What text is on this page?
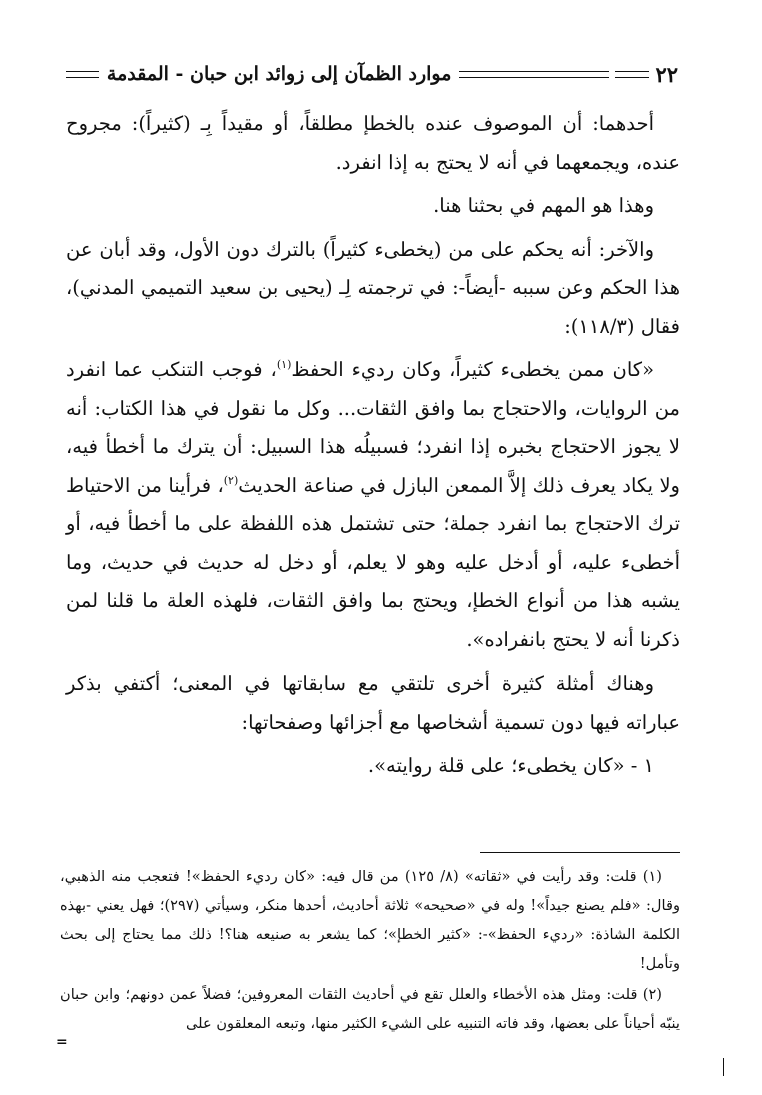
٢٢
موارد الظمآن إلى زوائد ابن حبان - المقدمة

أحدهما: أن الموصوف عنده بالخطإ مطلقاً، أو مقيداً بِـ (كثيراً): مجروح عنده، ويجمعهما في أنه لا يحتج به إذا انفرد.

وهذا هو المهم في بحثنا هنا.

والآخر: أنه يحكم على من (يخطىء كثيراً) بالترك دون الأول، وقد أبان عن هذا الحكم وعن سببه -أيضاً-: في ترجمته لِـ (يحيى بن سعيد التميمي المدني)، فقال (١١٨/٣):

«كان ممن يخطىء كثيراً، وكان رديء الحفظ$^{(١)}$، فوجب التنكب عما انفرد من الروايات، والاحتجاج بما وافق الثقات... وكل ما نقول في هذا الكتاب: أنه لا يجوز الاحتجاج بخبره إذا انفرد؛ فسبيلُه هذا السبيل: أن يترك ما أخطأ فيه، ولا يكاد يعرف ذلك إلاَّ الممعن البازل في صناعة الحديث$^{(٢)}$، فرأينا من الاحتياط ترك الاحتجاج بما انفرد جملة؛ حتى تشتمل هذه اللفظة على ما أخطأ فيه، أو أخطىء عليه، أو أدخل عليه وهو لا يعلم، أو دخل له حديث في حديث، وما يشبه هذا من أنواع الخطإ، ويحتج بما وافق الثقات، فلهذه العلة ما قلنا لمن ذكرنا أنه لا يحتج بانفراده».

وهناك أمثلة كثيرة أخرى تلتقي مع سابقاتها في المعنى؛ أكتفي بذكر عباراته فيها دون تسمية أشخاصها مع أجزائها وصفحاتها:

١ - «كان يخطىء؛ على قلة روايته».

(١) قلت: وقد رأيت في «ثقاته» (٨/ ١٢٥) من قال فيه: «كان رديء الحفظ»! فتعجب منه الذهبي، وقال: «فلم يصنع جيداً»! وله في «صحيحه» ثلاثة أحاديث، أحدها منكر، وسيأتي (٢٩٧)؛ فهل يعني -بهذه الكلمة الشاذة: «رديء الحفظ»-: «كثير الخطإ»؛ كما يشعر به صنيعه هنا؟! ذلك مما يحتاج إلى بحث وتأمل!

(٢) قلت: ومثل هذه الأخطاء والعلل تقع في أحاديث الثقات المعروفين؛ فضلاً عمن دونهم؛ وابن حبان ينبّه أحياناً على بعضها، وقد فاته التنبيه على الشيء الكثير منها، وتبعه المعلقون على

=
